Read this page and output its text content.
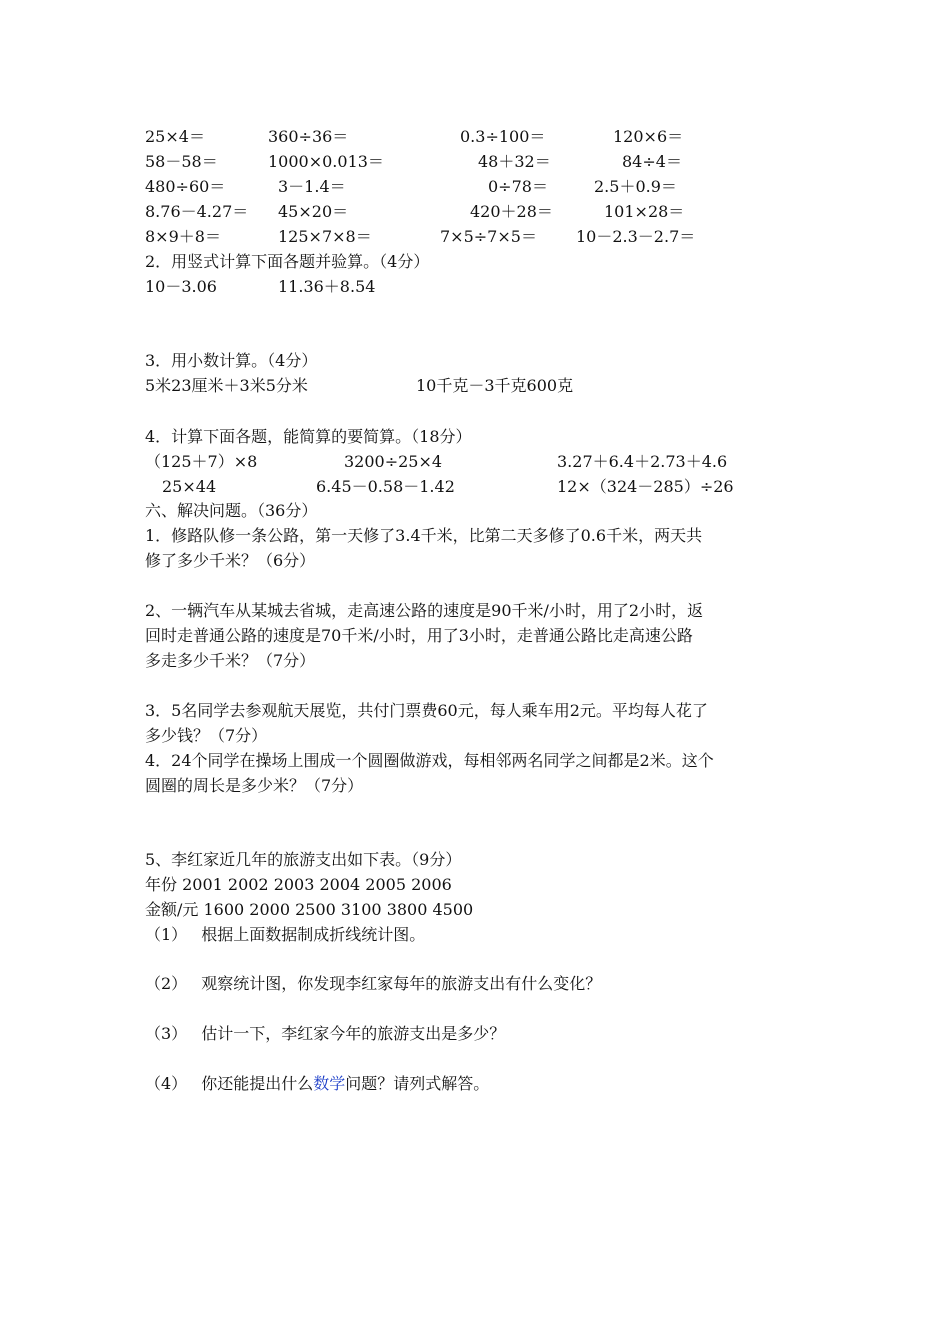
25×4＝	360÷36＝	0.3÷100＝	120×6＝
58－58＝	1000×0.013＝	48＋32＝	84÷4＝
480÷60＝	3－1.4＝	0÷78＝	2.5＋0.9＝
8.76－4.27＝ 45×20＝	420＋28＝	101×28＝
8×9＋8＝	125×7×8＝	7×5÷7×5＝ 10－2.3－2.7＝
2．用竖式计算下面各题并验算。（4分）
10－3.06	11.36＋8.54
3．用小数计算。（4分）
5米23厘米＋3米5分米	10千克－3千克600克
4．计算下面各题，能简算的要简算。（18分）
（125＋7）×8	3200÷25×4	3.27＋6.4＋2.73＋4.6
25×44	6.45－0.58－1.42	12×（324－285）÷26
六、解决问题。（36分）
1．修路队修一条公路，第一天修了3.4千米，比第二天多修了0.6千米，两天共
修了多少千米？（6分）
2、一辆汽车从某城去省城，走高速公路的速度是90千米/小时，用了2小时，返
回时走普通公路的速度是70千米/小时，用了3小时，走普通公路比走高速公路
多走多少千米？（7分）
3．5名同学去参观航天展览，共付门票费60元，每人乘车用2元。平均每人花了
多少钱？（7分）
4．24个同学在操场上围成一个圆圈做游戏，每相邻两名同学之间都是2米。这个
圆圈的周长是多少米？（7分）
5、李红家近几年的旅游支出如下表。（9分）
年份 2001 2002 2003 2004 2005 2006
金额/元 1600 2000 2500 3100 3800 4500
（1） 根据上面数据制成折线统计图。
（2） 观察统计图，你发现李红家每年的旅游支出有什么变化？
（3） 估计一下，李红家今年的旅游支出是多少？
（4） 你还能提出什么数学问题？请列式解答。
